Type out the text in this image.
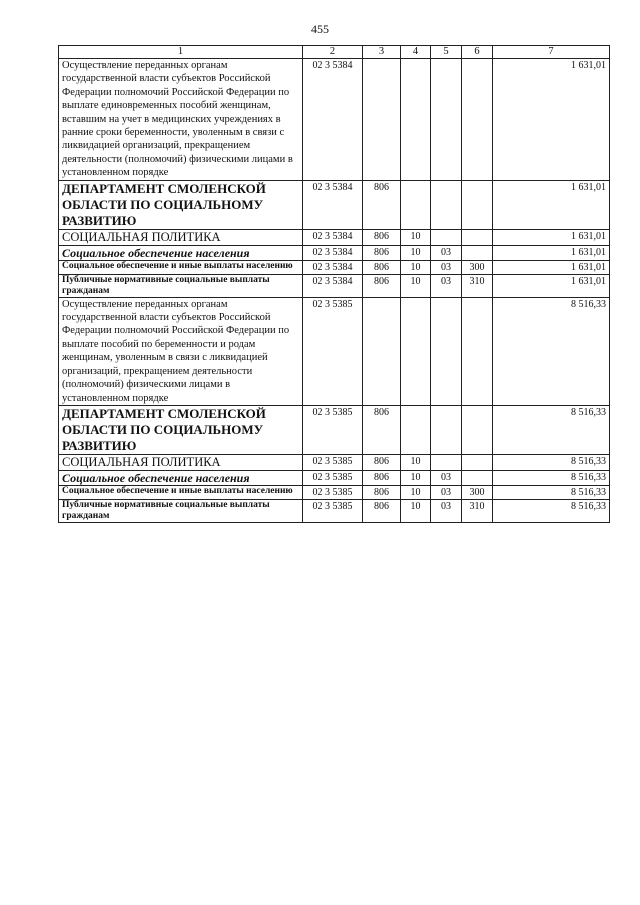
455
1	2	3	4	5	6	7
Осуществление переданных органам государственной власти субъектов Российской Федерации полномочий Российской Федерации по выплате единовременных пособий женщинам, вставшим на учет в медицинских учреждениях в ранние сроки беременности, уволенным в связи с ликвидацией организаций, прекращением деятельности (полномочий) физическими лицами в установленном порядке	02 3 5384					1 631,01
ДЕПАРТАМЕНТ СМОЛЕНСКОЙ ОБЛАСТИ ПО СОЦИАЛЬНОМУ РАЗВИТИЮ	02 3 5384	806				1 631,01
СОЦИАЛЬНАЯ ПОЛИТИКА	02 3 5384	806	10			1 631,01
Социальное обеспечение населения	02 3 5384	806	10	03		1 631,01
Социальное обеспечение и иные выплаты населению	02 3 5384	806	10	03	300	1 631,01
Публичные нормативные социальные выплаты гражданам	02 3 5384	806	10	03	310	1 631,01
Осуществление переданных органам государственной власти субъектов Российской Федерации полномочий Российской Федерации по выплате пособий по беременности и родам женщинам, уволенным в связи с ликвидацией организаций, прекращением деятельности (полномочий) физическими лицами в установленном порядке	02 3 5385					8 516,33
ДЕПАРТАМЕНТ СМОЛЕНСКОЙ ОБЛАСТИ ПО СОЦИАЛЬНОМУ РАЗВИТИЮ	02 3 5385	806				8 516,33
СОЦИАЛЬНАЯ ПОЛИТИКА	02 3 5385	806	10			8 516,33
Социальное обеспечение населения	02 3 5385	806	10	03		8 516,33
Социальное обеспечение и иные выплаты населению	02 3 5385	806	10	03	300	8 516,33
Публичные нормативные социальные выплаты гражданам	02 3 5385	806	10	03	310	8 516,33
